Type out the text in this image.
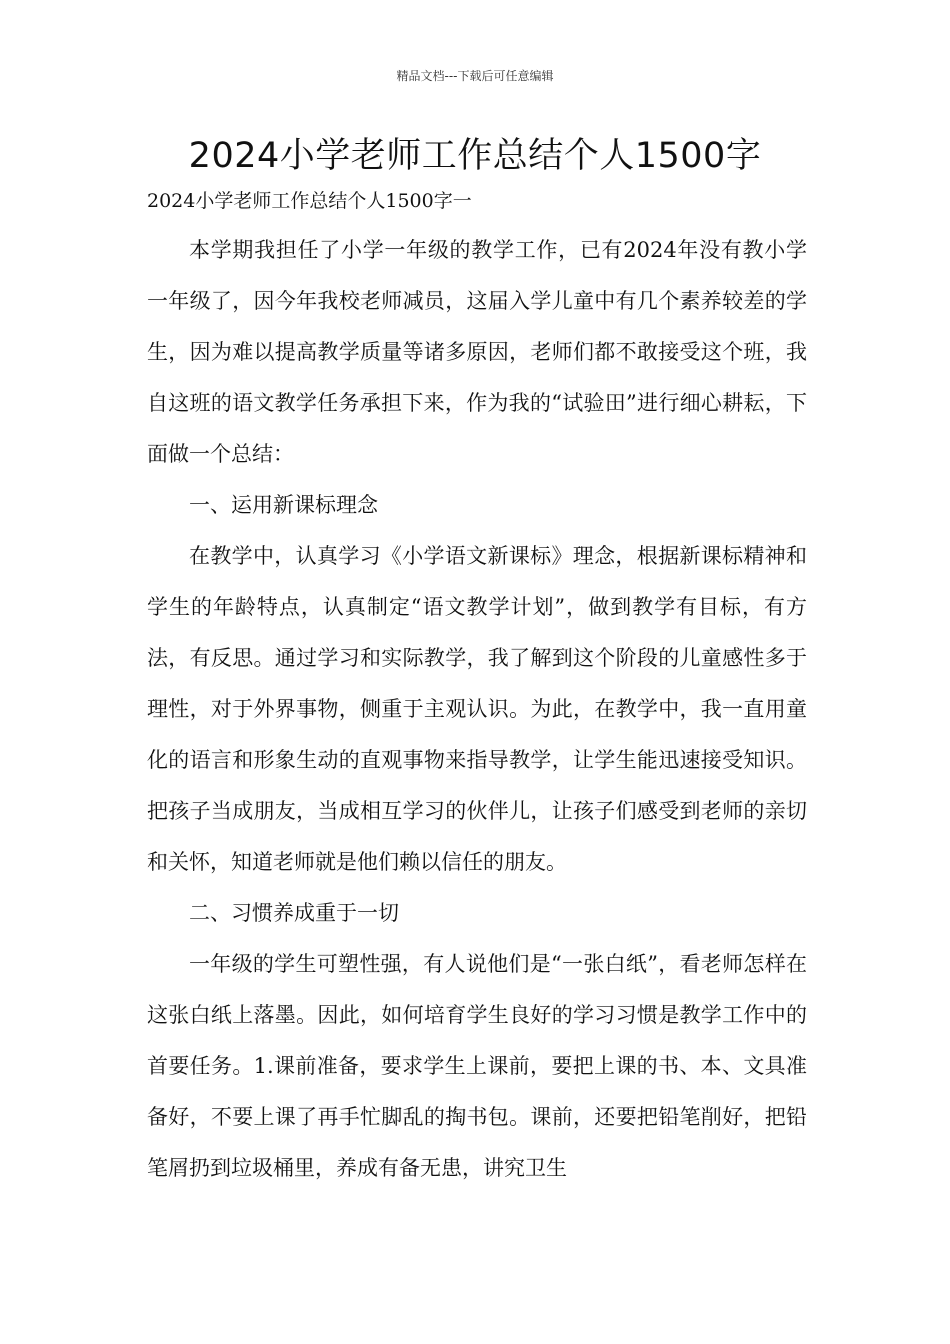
精品文档---下载后可任意编辑
2024小学老师工作总结个人1500字
2024小学老师工作总结个人1500字一

本学期我担任了小学一年级的教学工作，已有2024年没有教小学一年级了，因今年我校老师减员，这届入学儿童中有几个素养较差的学生，因为难以提高教学质量等诸多原因，老师们都不敢接受这个班，我自这班的语文教学任务承担下来，作为我的“试验田”进行细心耕耘，下面做一个总结：

一、运用新课标理念

在教学中，认真学习《小学语文新课标》理念，根据新课标精神和学生的年龄特点，认真制定“语文教学计划”，做到教学有目标，有方法，有反思。通过学习和实际教学，我了解到这个阶段的儿童感性多于理性，对于外界事物，侧重于主观认识。为此，在教学中，我一直用童化的语言和形象生动的直观事物来指导教学，让学生能迅速接受知识。把孩子当成朋友，当成相互学习的伙伴儿，让孩子们感受到老师的亲切和关怀，知道老师就是他们赖以信任的朋友。

二、习惯养成重于一切

一年级的学生可塑性强，有人说他们是“一张白纸”，看老师怎样在这张白纸上落墨。因此，如何培育学生良好的学习习惯是教学工作中的首要任务。1.课前准备，要求学生上课前，要把上课的书、本、文具准备好，不要上课了再手忙脚乱的掏书包。课前，还要把铅笔削好，把铅笔屑扔到垃圾桶里，养成有备无患，讲究卫生
